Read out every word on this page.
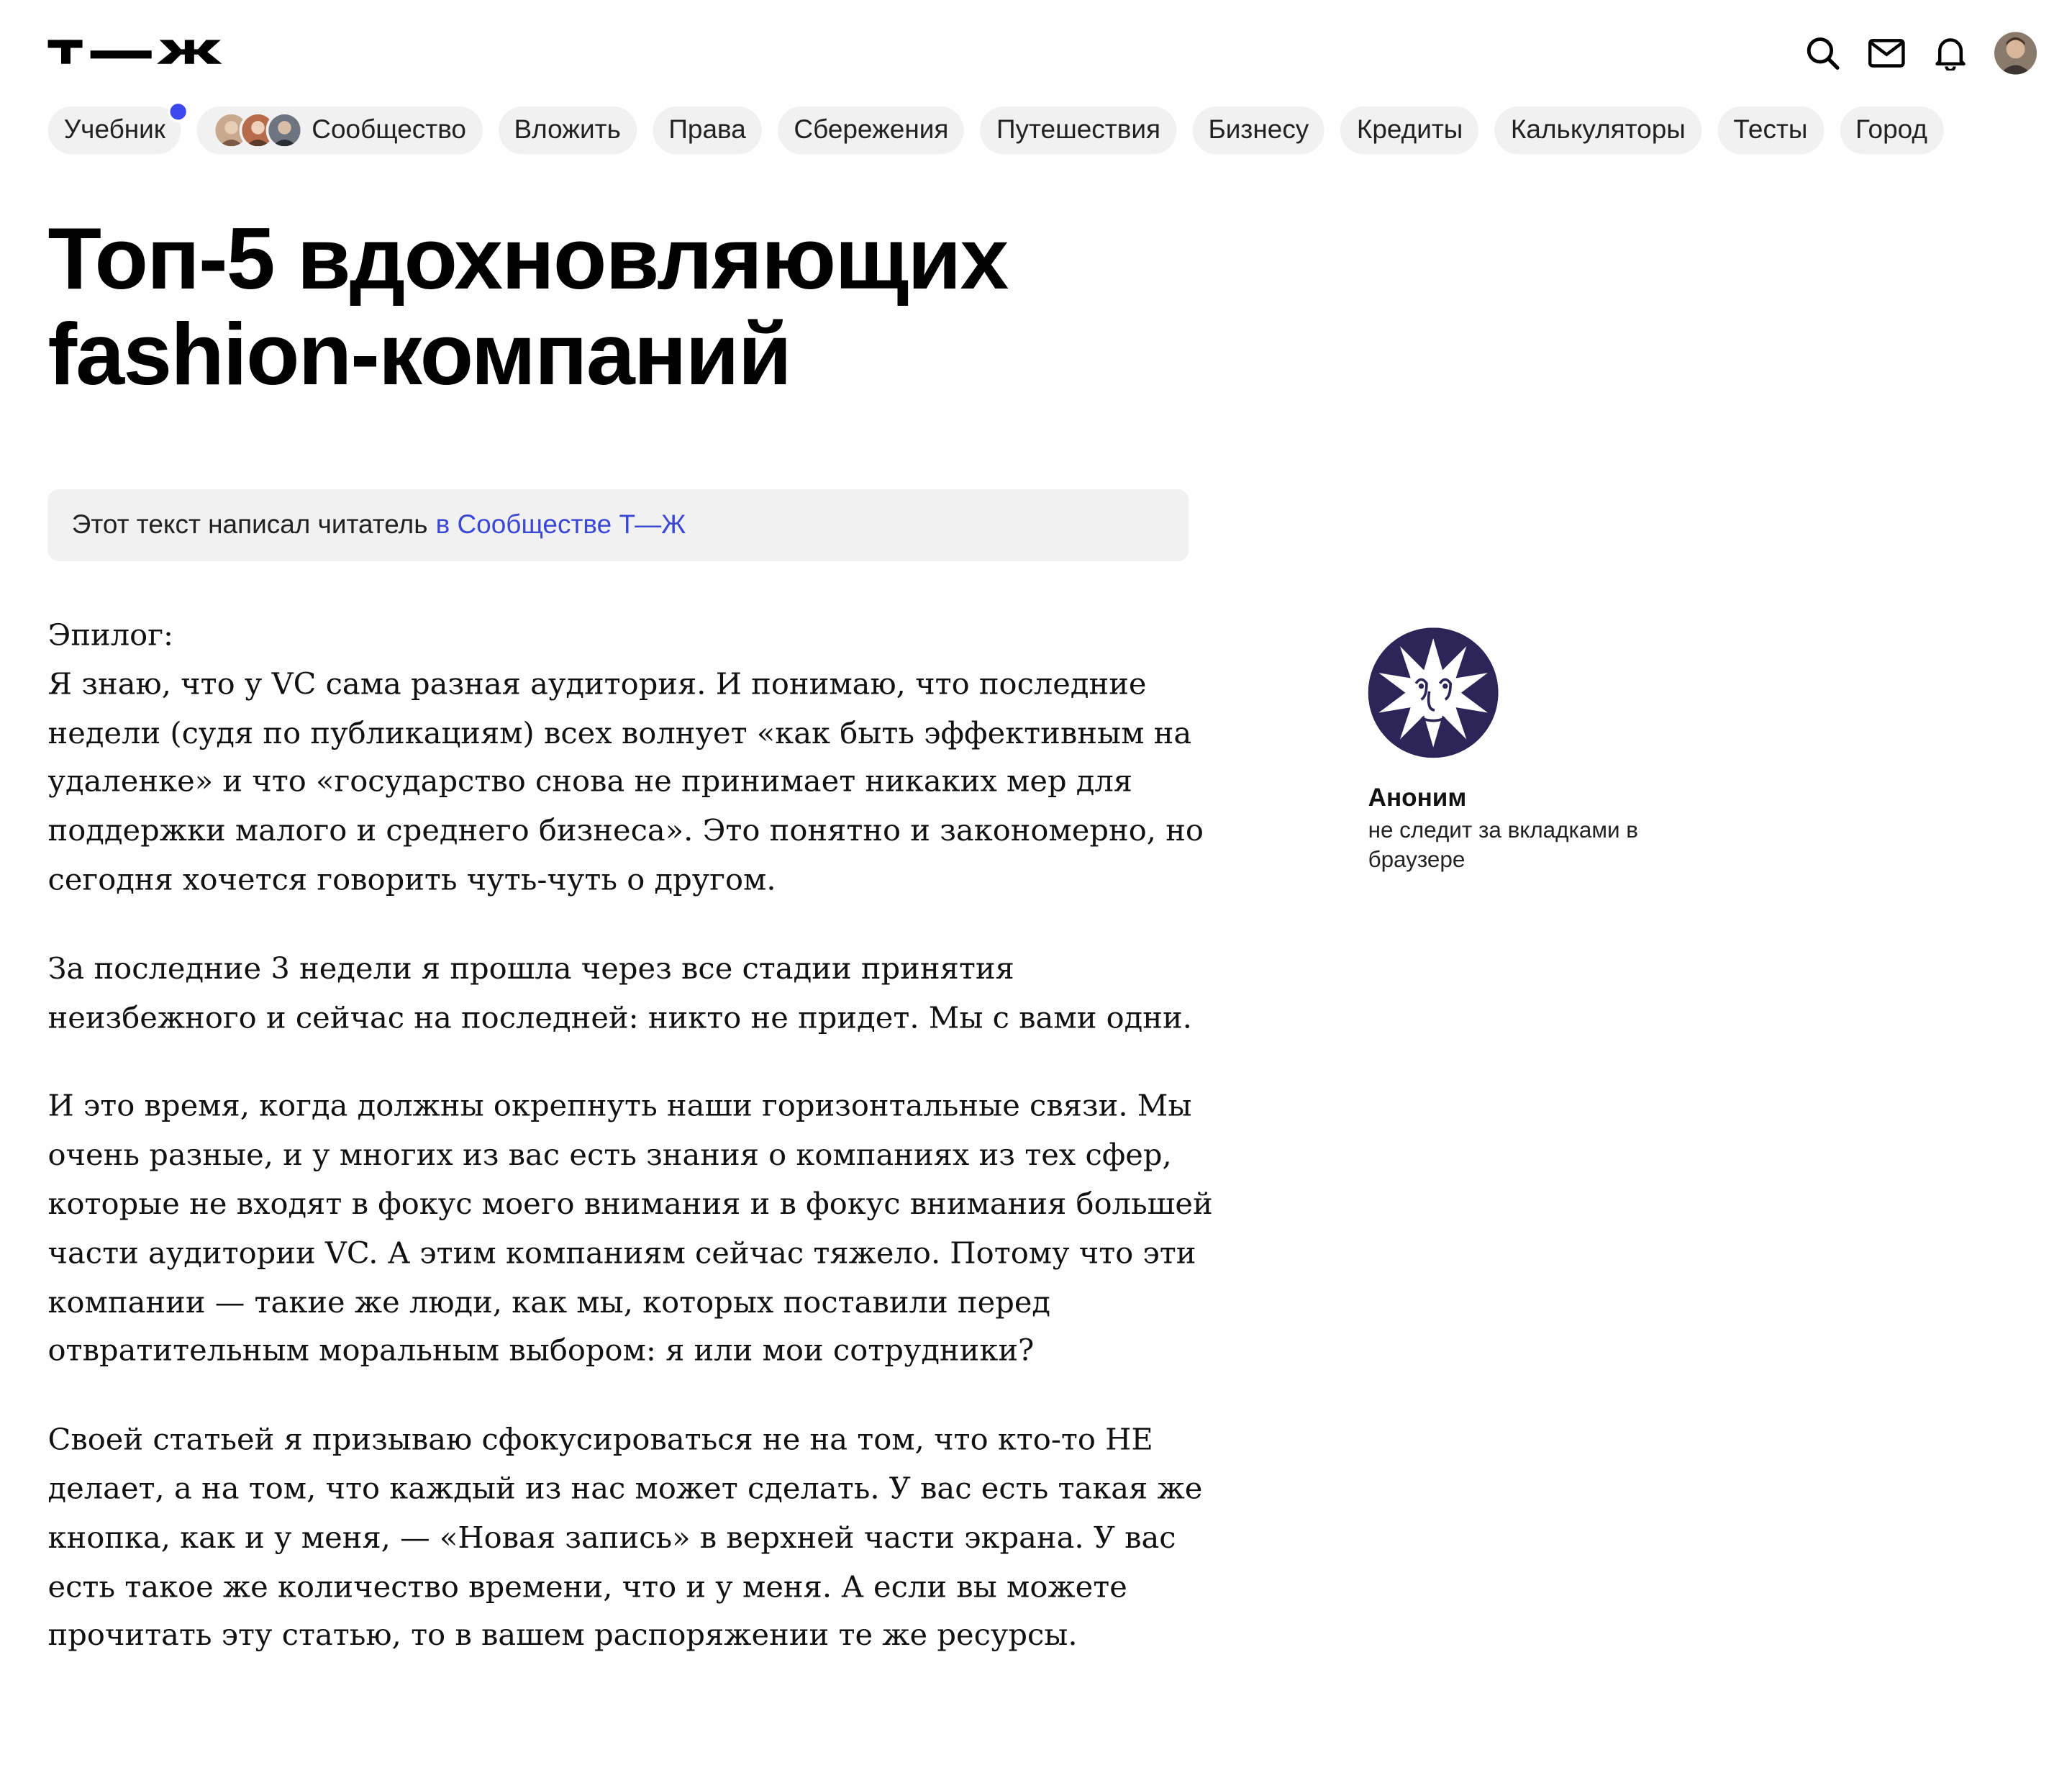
Учебник	Сообщество	Вложить	Права	Сбережения	Путешествия	Бизнесу	Кредиты	Калькуляторы	Тесты	Город
Топ-5 вдохновляющих fashion-компаний
Этот текст написал читатель в Сообществе Т—Ж

Эпилог:
Я знаю, что у VC сама разная аудитория. И понимаю, что последние недели (судя по публикациям) всех волнует «как быть эффективным на удаленке» и что «государство снова не принимает никаких мер для поддержки малого и среднего бизнеса». Это понятно и закономерно, но сегодня хочется говорить чуть-чуть о другом.

За последние 3 недели я прошла через все стадии принятия неизбежного и сейчас на последней: никто не придет. Мы с вами одни.

И это время, когда должны окрепнуть наши горизонтальные связи. Мы очень разные, и у многих из вас есть знания о компаниях из тех сфер, которые не входят в фокус моего внимания и в фокус внимания большей части аудитории VC. А этим компаниям сейчас тяжело. Потому что эти компании — такие же люди, как мы, которых поставили перед отвратительным моральным выбором: я или мои сотрудники?

Своей статьей я призываю сфокусироваться не на том, что кто-то НЕ делает, а на том, что каждый из нас может сделать. У вас есть такая же кнопка, как и у меня, — «Новая запись» в верхней части экрана. У вас есть такое же количество времени, что и у меня. А если вы можете прочитать эту статью, то в вашем распоряжении те же ресурсы.

Аноним
не следит за вкладками в браузере
